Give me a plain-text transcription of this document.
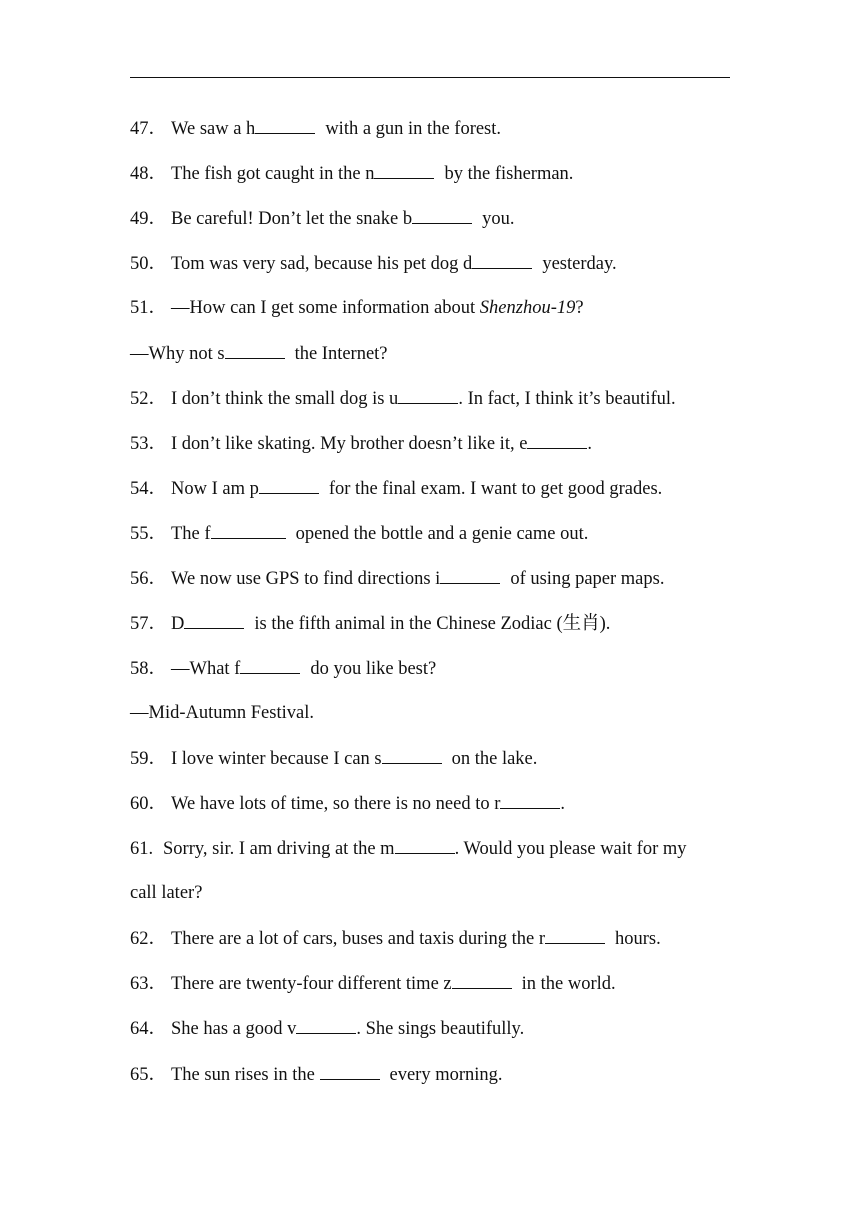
47． We saw a h	with a gun in the forest.
48． The fish got caught in the n	by the fisherman.
49． Be careful! Don’t let the snake b	you.
50． Tom was very sad, because his pet dog d	yesterday.
51． —How can I get some information about Shenzhou-19?
—Why not s	the Internet?
52． I don’t think the small dog is u	. In fact, I think it’s beautiful.
53． I don’t like skating. My brother doesn’t like it, e	.
54． Now I am p	for the final exam. I want to get good grades.
55． The f	opened the bottle and a genie came out.
56． We now use GPS to find directions i	of using paper maps.
57． D	is the fifth animal in the Chinese Zodiac (生肖).
58． —What f	do you like best?
—Mid-Autumn Festival.
59． I love winter because I can s	on the lake.
60． We have lots of time, so there is no need to r	.
61. Sorry, sir. I am driving at the m	. Would you please wait for my
call later?
62． There are a lot of cars, buses and taxis during the r	hours.
63． There are twenty-four different time z	in the world.
64． She has a good v	. She sings beautifully.
65． The sun rises in the	every morning.
